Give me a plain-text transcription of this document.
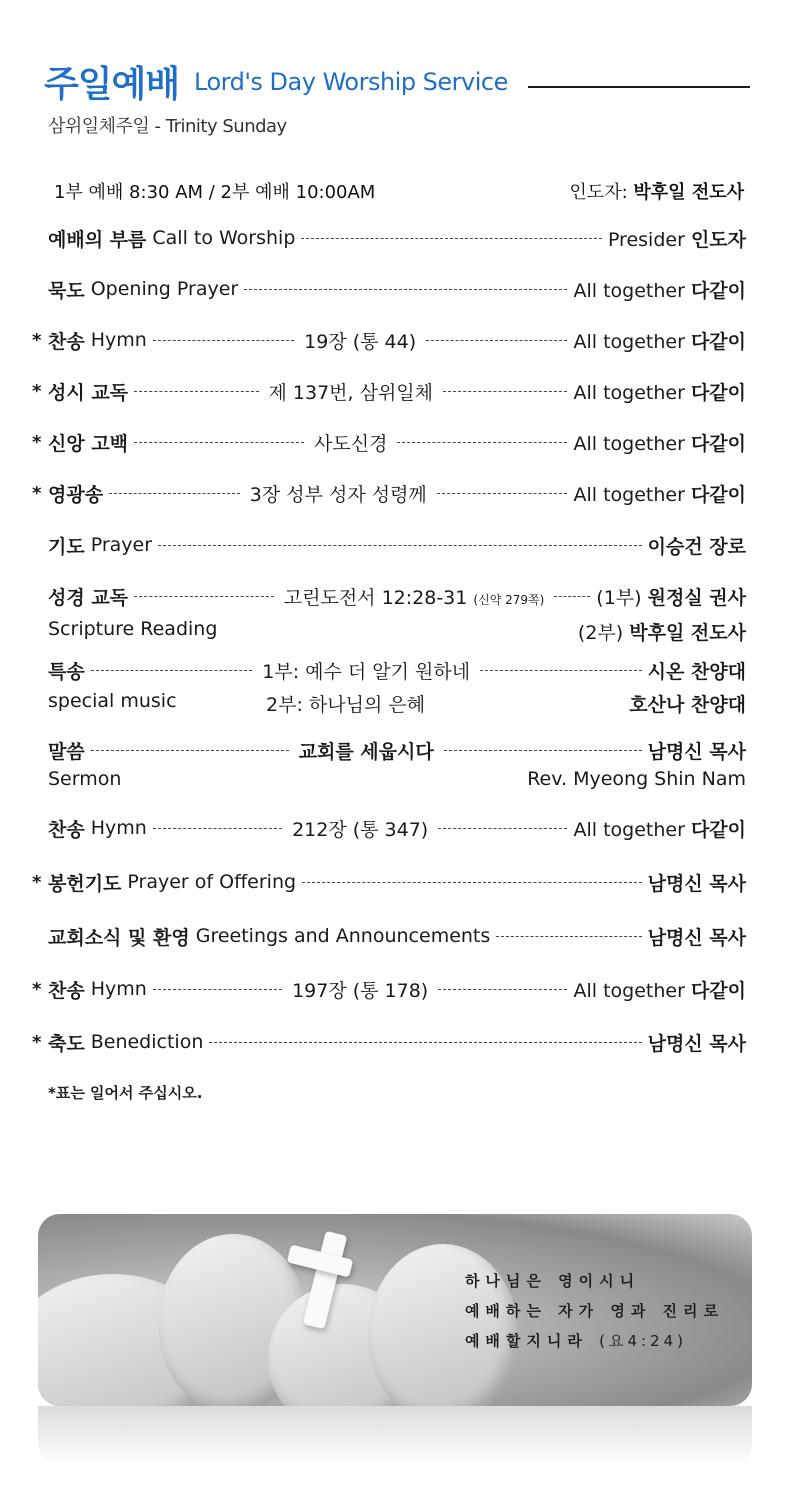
주일예배 Lord's Day Worship Service
삼위일체주일 - Trinity Sunday
1부 예배 8:30 AM / 2부 예배 10:00AM	인도자: 박후일 전도사
예배의 부름 Call to Worship	Presider 인도자
묵도 Opening Prayer	All together 다같이
* 찬송 Hymn	19장 (통 44)	All together 다같이
* 성시 교독	제 137번, 삼위일체	All together 다같이
* 신앙 고백	사도신경	All together 다같이
* 영광송	3장 성부 성자 성령께	All together 다같이
기도 Prayer	이승건 장로
성경 교독	고린도전서 12:28-31 (신약 279쪽)	(1부) 원정실 권사
Scripture Reading	(2부) 박후일 전도사
특송	1부: 예수 더 알기 원하네	시온 찬양대
special music	2부: 하나님의 은혜	호산나 찬양대
말씀	교회를 세웁시다	남명신 목사
Sermon	Rev. Myeong Shin Nam
찬송 Hymn	212장 (통 347)	All together 다같이
* 봉헌기도 Prayer of Offering	남명신 목사
교회소식 및 환영 Greetings and Announcements	남명신 목사
* 찬송 Hymn	197장 (통 178)	All together 다같이
* 축도 Benediction	남명신 목사
*표는 일어서 주십시오.
하나님은 영이시니
예배하는 자가 영과 진리로
예배할지니라 (요4:24)
